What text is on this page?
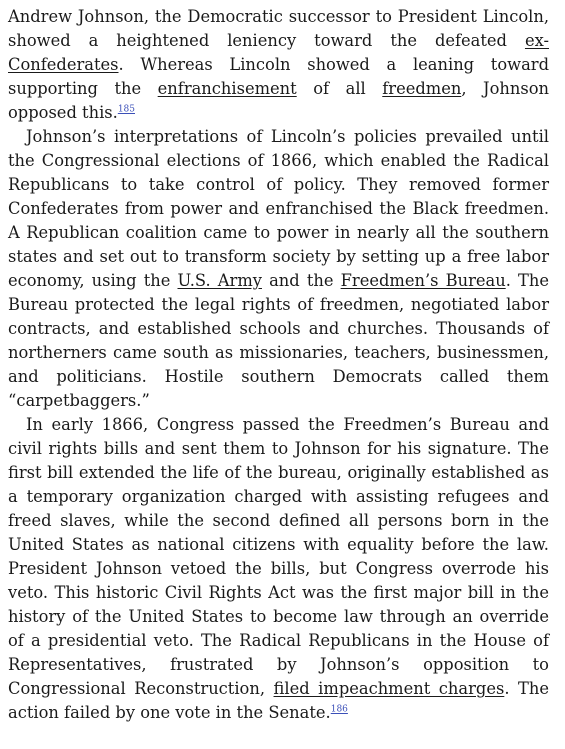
Andrew Johnson, the Democratic successor to President Lincoln, showed a heightened leniency toward the defeated ex-Confederates. Whereas Lincoln showed a leaning toward supporting the enfranchisement of all freedmen, Johnson opposed this.$^{185}$

Johnson’s interpretations of Lincoln’s policies prevailed until the Congressional elections of 1866, which enabled the Radical Republicans to take control of policy. They removed former Confederates from power and enfranchised the Black freedmen. A Republican coalition came to power in nearly all the southern states and set out to transform society by setting up a free labor economy, using the U.S. Army and the Freedmen’s Bureau. The Bureau protected the legal rights of freedmen, negotiated labor contracts, and established schools and churches. Thousands of northerners came south as missionaries, teachers, businessmen, and politicians. Hostile southern Democrats called them “carpetbaggers.”

In early 1866, Congress passed the Freedmen’s Bureau and civil rights bills and sent them to Johnson for his signature. The first bill extended the life of the bureau, originally established as a temporary organization charged with assisting refugees and freed slaves, while the second defined all persons born in the United States as national citizens with equality before the law. President Johnson vetoed the bills, but Congress overrode his veto. This historic Civil Rights Act was the first major bill in the history of the United States to become law through an override of a presidential veto. The Radical Republicans in the House of Representatives, frustrated by Johnson’s opposition to Congressional Reconstruction, filed impeachment charges. The action failed by one vote in the Senate.$^{186}$
